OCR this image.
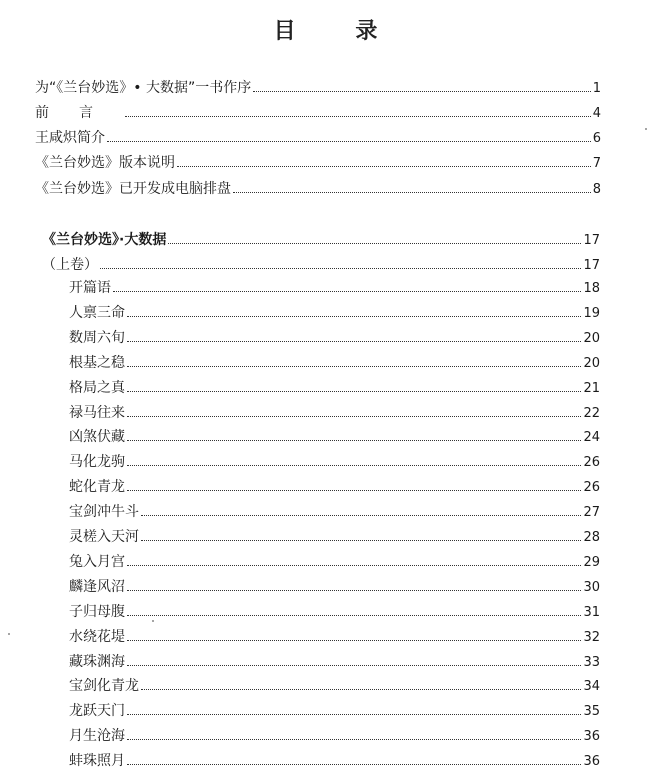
目 录
为“《兰台妙选》• 大数据”一书作序	1
前言	4
王咸炽简介	6
《兰台妙选》版本说明	7
《兰台妙选》已开发成电脑排盘	8
《兰台妙选》·大数据	17
（上卷）	17
开篇语	18
人禀三命	19
数周六旬	20
根基之稳	20
格局之真	21
禄马往来	22
凶煞伏藏	24
马化龙驹	26
蛇化青龙	26
宝剑冲牛斗	27
灵槎入天河	28
兔入月宫	29
麟逢风沼	30
子归母腹	31
水绕花堤	32
藏珠渊海	33
宝剑化青龙	34
龙跃天门	35
月生沧海	36
蚌珠照月	36
